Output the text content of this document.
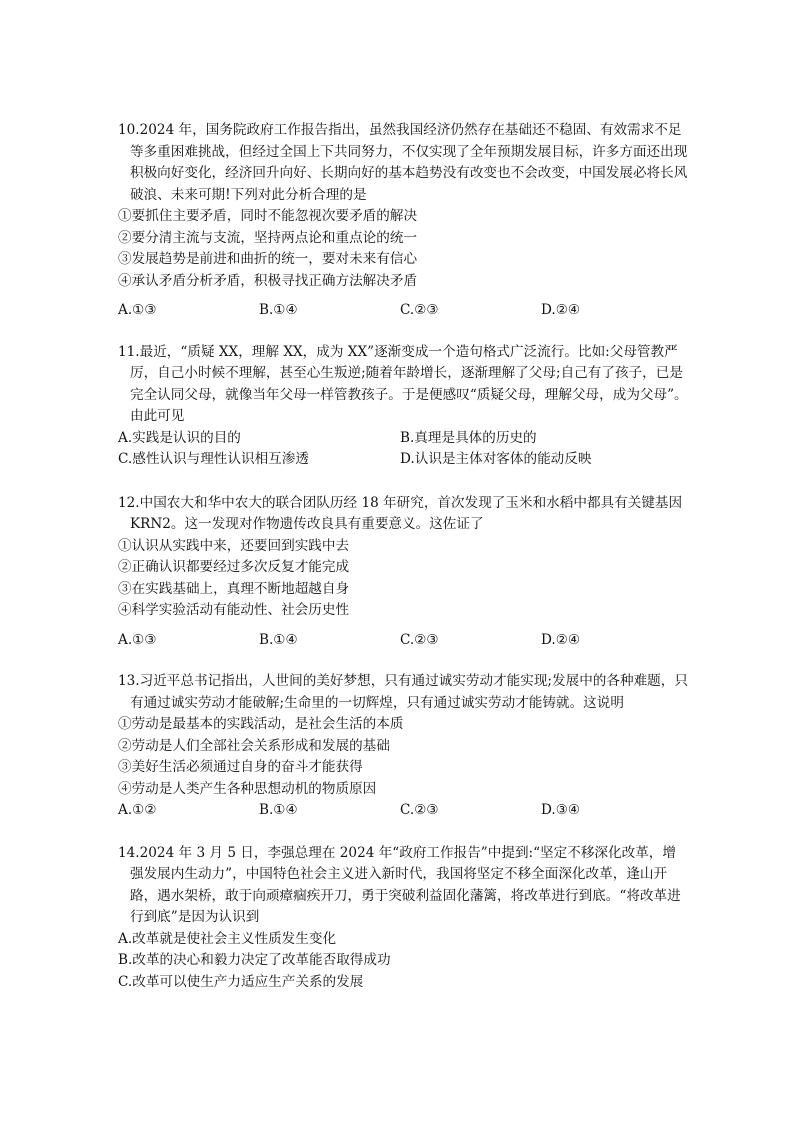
10.2024 年，国务院政府工作报告指出，虽然我国经济仍然存在基础还不稳固、有效需求不足等多重困难挑战，但经过全国上下共同努力，不仅实现了全年预期发展目标，许多方面还出现积极向好变化，经济回升向好、长期向好的基本趋势没有改变也不会改变，中国发展必将长风破浪、未来可期!下列对此分析合理的是

①要抓住主要矛盾，同时不能忽视次要矛盾的解决

②要分清主流与支流，坚持两点论和重点论的统一

③发展趋势是前进和曲折的统一，要对未来有信心

④承认矛盾分析矛盾，积极寻找正确方法解决矛盾

A.①③	B.①④	C.②③	D.②④

11.最近，“质疑 XX，理解 XX，成为 XX”逐渐变成一个造句格式广泛流行。比如:父母管教严厉，自己小时候不理解，甚至心生叛逆;随着年龄增长，逐渐理解了父母;自己有了孩子，已是完全认同父母，就像当年父母一样管教孩子。于是便感叹“质疑父母，理解父母，成为父母”。由此可见

A.实践是认识的目的	B.真理是具体的历史的
C.感性认识与理性认识相互渗透	D.认识是主体对客体的能动反映

12.中国农大和华中农大的联合团队历经 18 年研究，首次发现了玉米和水稻中都具有关键基因 KRN2。这一发现对作物遗传改良具有重要意义。这佐证了

①认识从实践中来，还要回到实践中去

②正确认识都要经过多次反复才能完成

③在实践基础上，真理不断地超越自身

④科学实验活动有能动性、社会历史性

A.①③	B.①④	C.②③	D.②④

13.习近平总书记指出，人世间的美好梦想，只有通过诚实劳动才能实现;发展中的各种难题，只有通过诚实劳动才能破解;生命里的一切辉煌，只有通过诚实劳动才能铸就。这说明

①劳动是最基本的实践活动，是社会生活的本质

②劳动是人们全部社会关系形成和发展的基础

③美好生活必须通过自身的奋斗才能获得

④劳动是人类产生各种思想动机的物质原因

A.①②	B.①④	C.②③	D.③④

14.2024 年 3 月 5 日，李强总理在 2024 年“政府工作报告”中提到:“坚定不移深化改革，增强发展内生动力”，中国特色社会主义进入新时代，我国将坚定不移全面深化改革，逢山开路，遇水架桥，敢于向顽瘴痼疾开刀，勇于突破利益固化藩篱，将改革进行到底。“将改革进行到底”是因为认识到

A.改革就是使社会主义性质发生变化
B.改革的决心和毅力决定了改革能否取得成功
C.改革可以使生产力适应生产关系的发展
